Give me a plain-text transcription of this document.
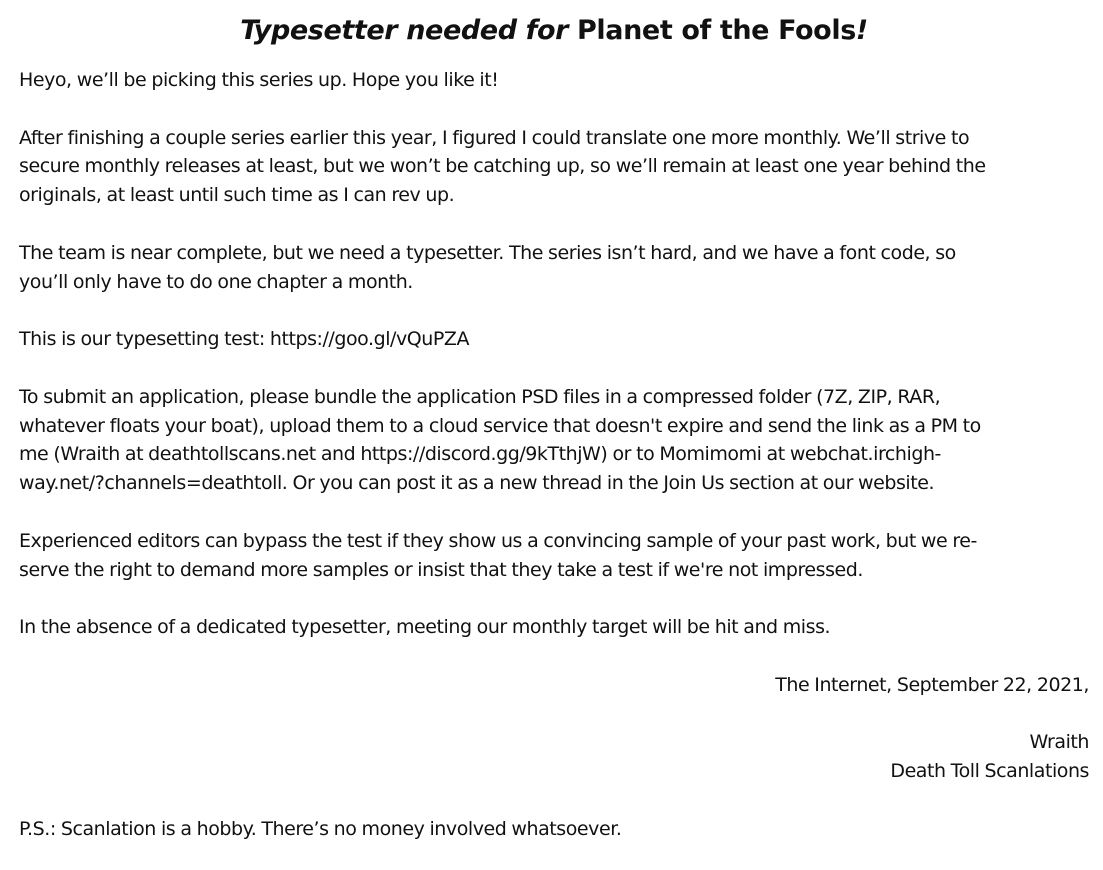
Typesetter needed for Planet of the Fools!
Heyo, we’ll be picking this series up. Hope you like it!
After finishing a couple series earlier this year, I figured I could translate one more monthly. We’ll strive to
secure monthly releases at least, but we won’t be catching up, so we’ll remain at least one year behind the
originals, at least until such time as I can rev up.
The team is near complete, but we need a typesetter. The series isn’t hard, and we have a font code, so
you’ll only have to do one chapter a month.
This is our typesetting test: https://goo.gl/vQuPZA
To submit an application, please bundle the application PSD files in a compressed folder (7Z, ZIP, RAR,
whatever floats your boat), upload them to a cloud service that doesn't expire and send the link as a PM to
me (Wraith at deathtollscans.net and https://discord.gg/9kTthjW) or to Momimomi at webchat.irchigh-
way.net/?channels=deathtoll. Or you can post it as a new thread in the Join Us section at our website.
Experienced editors can bypass the test if they show us a convincing sample of your past work, but we re-
serve the right to demand more samples or insist that they take a test if we're not impressed.
In the absence of a dedicated typesetter, meeting our monthly target will be hit and miss.
The Internet, September 22, 2021,
Wraith
Death Toll Scanlations
P.S.: Scanlation is a hobby. There’s no money involved whatsoever.
